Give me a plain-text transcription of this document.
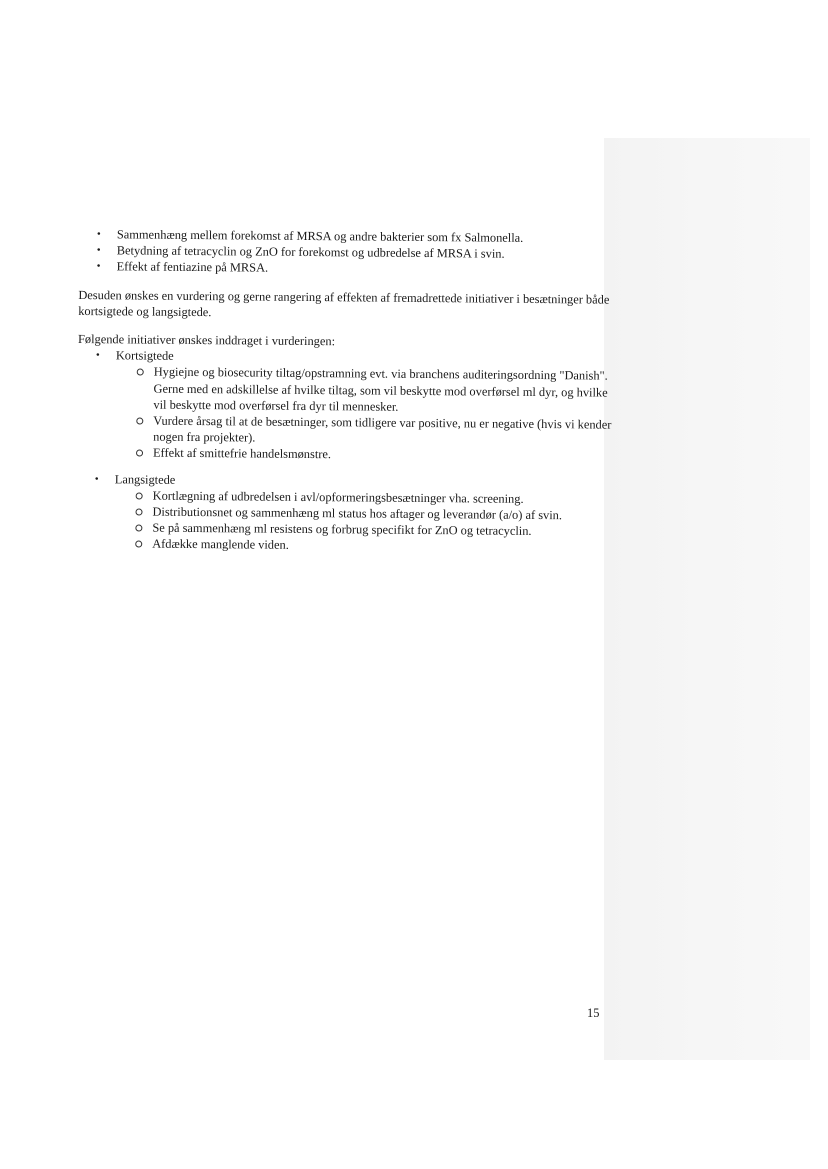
• Sammenhæng mellem forekomst af MRSA og andre bakterier som fx Salmonella.
• Betydning af tetracyclin og ZnO for forekomst og udbredelse af MRSA i svin.
• Effekt af fentiazine på MRSA.

Desuden ønskes en vurdering og gerne rangering af effekten af fremadrettede initiativer i besætninger både kortsigtede og langsigtede.

Følgende initiativer ønskes inddraget i vurderingen:

• Kortsigtede
Hygiejne og biosecurity tiltag/opstramning evt. via branchens auditeringsordning "Danish". Gerne med en adskillelse af hvilke tiltag, som vil beskytte mod overførsel ml dyr, og hvilke vil beskytte mod overførsel fra dyr til mennesker.
Vurdere årsag til at de besætninger, som tidligere var positive, nu er negative (hvis vi kender nogen fra projekter).
Effekt af smittefrie handelsmønstre.
• Langsigtede
Kortlægning af udbredelsen i avl/opformeringsbesætninger vha. screening.
Distributionsnet og sammenhæng ml status hos aftager og leverandør (a/o) af svin.
Se på sammenhæng ml resistens og forbrug specifikt for ZnO og tetracyclin.
Afdække manglende viden.
15
